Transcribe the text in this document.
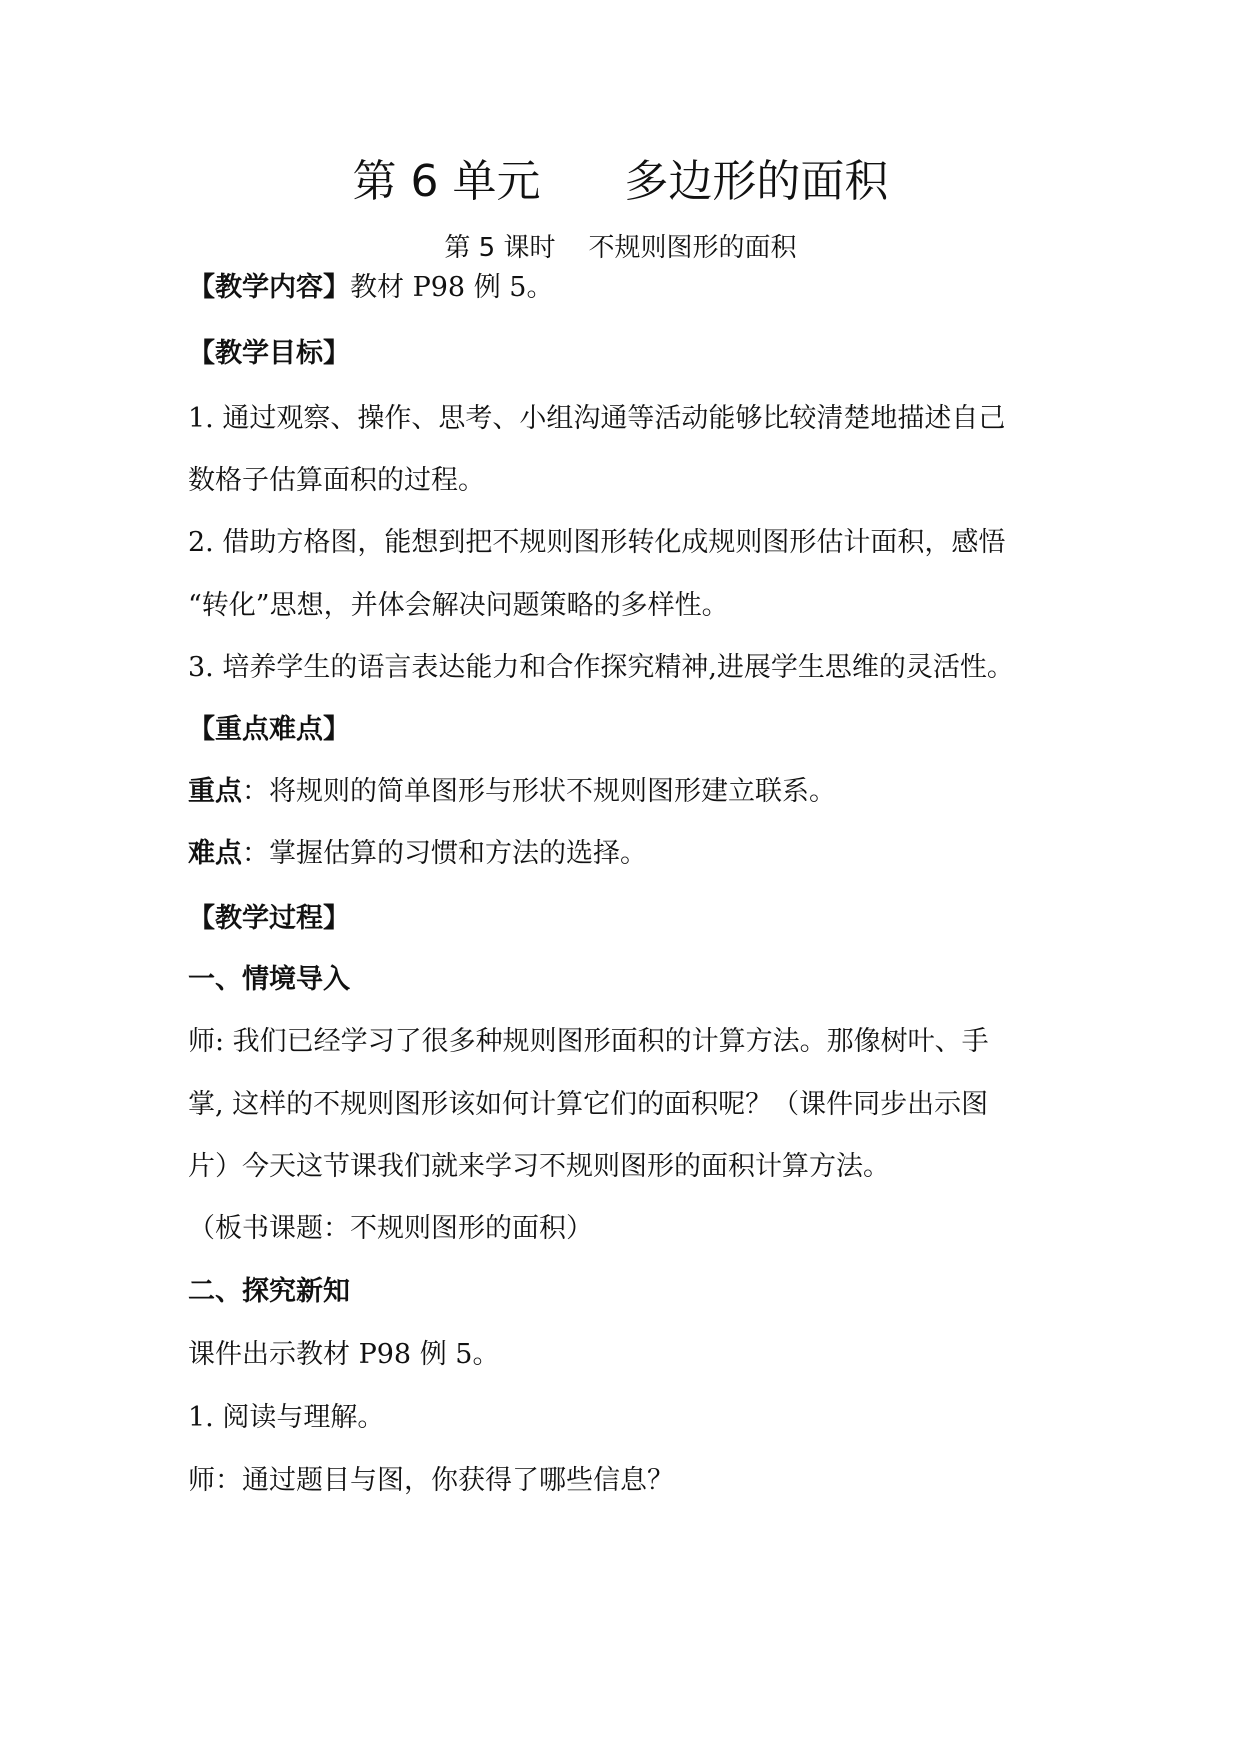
第 6 单元      多边形的面积
第 5 课时    不规则图形的面积

【教学内容】教材 P98 例 5。

【教学目标】

1. 通过观察、操作、思考、小组沟通等活动能够比较清楚地描述自己

数格子估算面积的过程。

2. 借助方格图，能想到把不规则图形转化成规则图形估计面积，感悟

“转化”思想，并体会解决问题策略的多样性。

3. 培养学生的语言表达能力和合作探究精神,进展学生思维的灵活性。

【重点难点】

重点：将规则的简单图形与形状不规则图形建立联系。

难点：掌握估算的习惯和方法的选择。

【教学过程】

一、情境导入

师: 我们已经学习了很多种规则图形面积的计算方法。那像树叶、手

掌, 这样的不规则图形该如何计算它们的面积呢？（课件同步出示图

片）今天这节课我们就来学习不规则图形的面积计算方法。

（板书课题：不规则图形的面积）

二、探究新知

课件出示教材 P98 例 5。

1. 阅读与理解。

师：通过题目与图，你获得了哪些信息？
